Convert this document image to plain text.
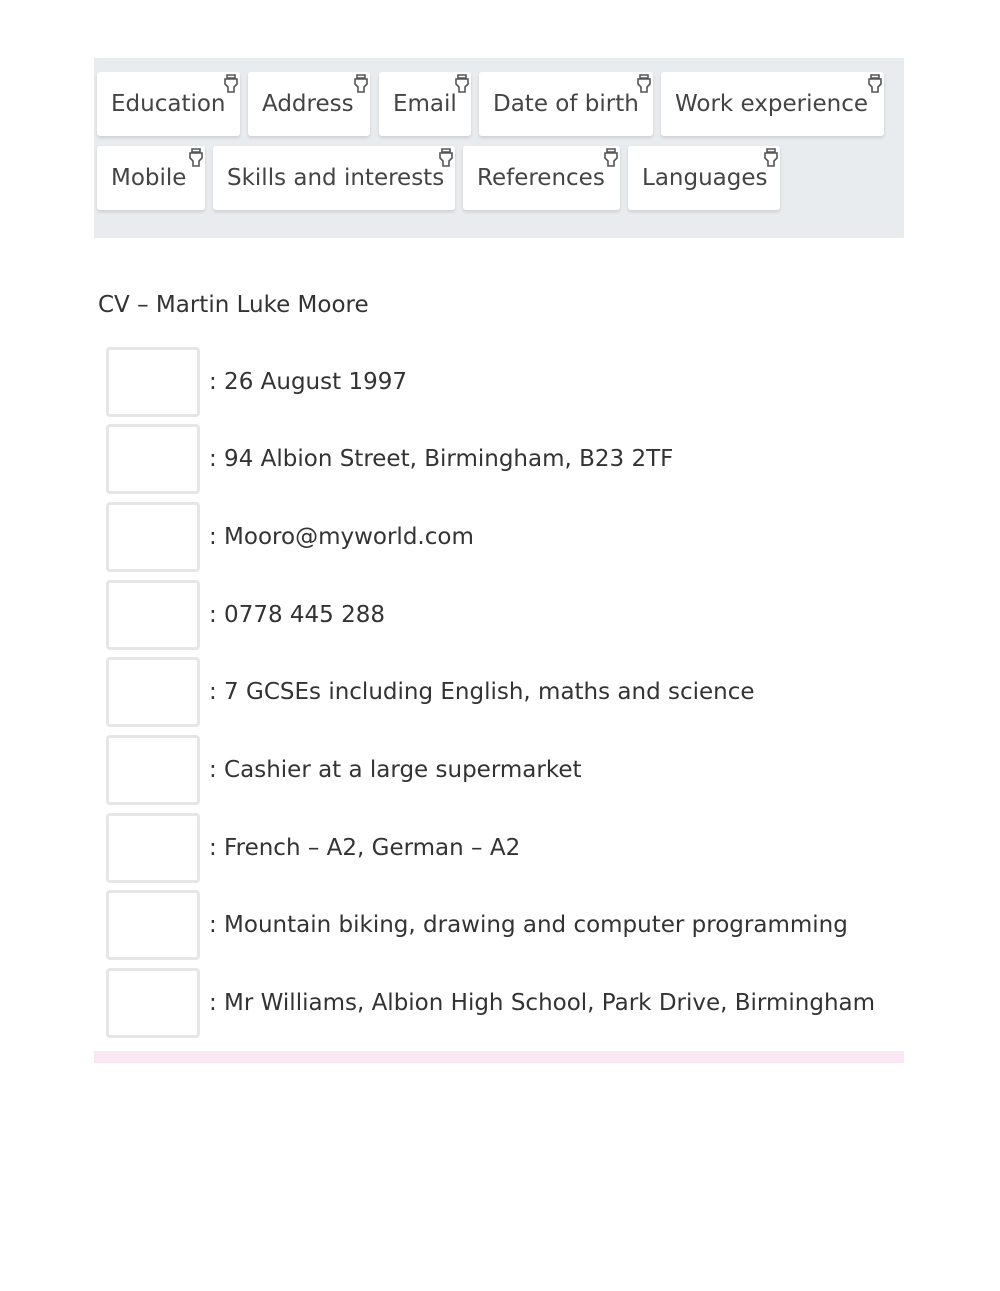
Education Address Email Date of birth Work experience
Mobile Skills and interests References Languages
CV – Martin Luke Moore
: 26 August 1997
: 94 Albion Street, Birmingham, B23 2TF
: Mooro@myworld.com
: 0778 445 288
: 7 GCSEs including English, maths and science
: Cashier at a large supermarket
: French – A2, German – A2
: Mountain biking, drawing and computer programming
: Mr Williams, Albion High School, Park Drive, Birmingham
